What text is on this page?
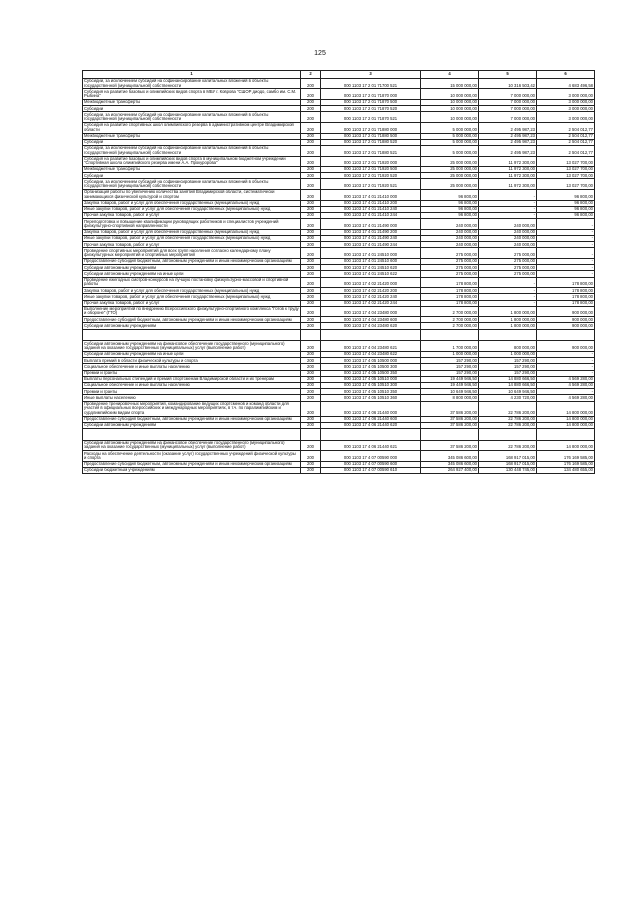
125
1	2	3	4	5	6
Субсидии, за исключением субсидий на софинансирование капитальных вложений в объекты государственной (муниципальной) собственности	200	000 1103 17 2 01 71700 521	15 000 000,00	10 316 503,42	4 683 496,58
Субсидия на развитие базовых и олимпийских видов спорта в МБУ г. Коврова "СШОР диодо, самбо им. С.М. Рыбина"	200	000 1103 17 2 01 71870 000	10 000 000,00	7 000 000,00	3 000 000,00
Межбюджетные трансферты	200	000 1103 17 2 01 71870 500	10 000 000,00	7 000 000,00	3 000 000,00
Субсидии	200	000 1103 17 2 01 71870 520	10 000 000,00	7 000 000,00	3 000 000,00
Субсидии, за исключением субсидий на софинансирование капитальных вложений в объекты государственной (муниципальной) собственности	200	000 1103 17 2 01 71870 521	10 000 000,00	7 000 000,00	3 000 000,00
Субсидия на развитие спортивных школ олимпийского резерва в административном центре Владимирской области	200	000 1103 17 2 01 71880 000	5 000 000,00	2 495 987,23	2 504 012,77
Межбюджетные трансферты	200	000 1103 17 2 01 71880 500	5 000 000,00	2 495 987,23	2 504 012,77
Субсидии	200	000 1103 17 2 01 71880 520	5 000 000,00	2 495 987,23	2 504 012,77
Субсидии, за исключением субсидий на софинансирование капитальных вложений в объекты государственной (муниципальной) собственности	200	000 1103 17 2 01 71880 521	5 000 000,00	2 495 987,23	2 504 012,77
Субсидия на развитие базовых и олимпийских видов спорта в муниципальном бюджетном учреждении "Спортивная школа олимпийского резерва имени А.А. Прокуророва"	200	000 1103 17 2 01 71920 000	25 000 000,00	11 972 300,00	13 027 700,00
Межбюджетные трансферты	200	000 1103 17 2 01 71920 500	25 000 000,00	11 972 300,00	13 027 700,00
Субсидии	200	000 1103 17 2 01 71920 520	25 000 000,00	11 972 300,00	13 027 700,00
Субсидии, за исключением субсидий на софинансирование капитальных вложений в объекты государственной (муниципальной) собственности	200	000 1103 17 2 01 71920 521	25 000 000,00	11 972 300,00	13 027 700,00
Организация работы по увеличению количества занятий Владимирской области, систематически занимающихся физической культурой и спортом	200	000 1103 17 4 01 21410 000	96 800,00	-	96 800,00
Закупка товаров, работ и услуг для обеспечения государственных (муниципальных) нужд	200	000 1103 17 4 01 21410 200	96 800,00	-	96 800,00
Иные закупки товаров, работ и услуг для обеспечения государственных (муниципальных) нужд	200	000 1103 17 4 01 21410 240	96 800,00	-	96 800,00
Прочая закупка товаров, работ и услуг	200	000 1103 17 4 01 21410 244	96 800,00	-	96 800,00
Переподготовка и повышение квалификации руководящих работников и специалистов учреждений физкультурно-спортивной направленности	200	000 1103 17 4 01 21490 000	240 000,00	240 000,00	-
Закупка товаров, работ и услуг для обеспечения государственных (муниципальных) нужд	200	000 1103 17 4 01 21490 200	240 000,00	240 000,00	-
Иные закупки товаров, работ и услуг для обеспечения государственных (муниципальных) нужд	200	000 1103 17 4 01 21490 240	240 000,00	240 000,00	-
Прочая закупка товаров, работ и услуг	200	000 1103 17 4 01 21490 244	240 000,00	240 000,00	-
Проведение спортивных мероприятий для всех групп населения согласно календарному плану физкультурных мероприятий и спортивных мероприятий	200	000 1103 17 4 01 24510 000	275 000,00	275 000,00	-
Предоставление субсидий бюджетным, автономным учреждениям и иным некоммерческим организациям	200	000 1103 17 4 01 24510 600	275 000,00	275 000,00	-
Субсидии автономным учреждениям	200	000 1103 17 4 01 24510 620	275 000,00	275 000,00	-
Субсидии автономным учреждениям на иные цели	200	000 1103 17 4 01 24510 622	275 000,00	275 000,00	-
Проведение ежегодных смотров-конкурсов на лучшую постановку физкультурно-массовой и спортивной работы	200	000 1103 17 4 02 21420 000	178 800,00	-	178 800,00
Закупка товаров, работ и услуг для обеспечения государственных (муниципальных) нужд	200	000 1103 17 4 02 21420 200	178 800,00	-	178 800,00
Иные закупки товаров, работ и услуг для обеспечения государственных (муниципальных) нужд	200	000 1103 17 4 02 21420 240	178 800,00	-	178 800,00
Прочая закупка товаров, работ и услуг	200	000 1103 17 4 02 21420 244	178 800,00	-	178 800,00
Выполнение мероприятий по внедрению Всероссийского физкультурно-спортивного комплекса "Готов к труду и обороне" (ГТО)	200	000 1103 17 4 04 23480 000	2 700 000,00	1 800 000,00	900 000,00
Предоставление субсидий бюджетным, автономным учреждениям и иным некоммерческим организациям	200	000 1103 17 4 04 23480 600	2 700 000,00	1 800 000,00	900 000,00
Субсидии автономным учреждениям	200	000 1103 17 4 04 23480 620	2 700 000,00	1 800 000,00	900 000,00

Субсидии автономным учреждениям на финансовое обеспечение государственного (муниципального) задания на оказание государственных (муниципальных) услуг (выполнение работ)	200	000 1103 17 4 04 23480 621	1 700 000,00	800 000,00	900 000,00
Субсидии автономным учреждениям на иные цели	200	000 1103 17 4 04 23480 622	1 000 000,00	1 000 000,00	-
Выплата премий в области физической культуры и спорта	200	000 1103 17 4 05 10500 000	157 290,00	157 290,00	-
Социальное обеспечение и иные выплаты населению	200	000 1103 17 4 05 10500 300	157 290,00	157 290,00	-
Премии и гранты	200	000 1103 17 4 05 10500 350	157 290,00	157 290,00	-
Выплаты персональных стипендий и премий спортсменам Владимирской области и их тренерам	200	000 1103 17 4 05 10510 000	19 449 946,50	14 880 666,50	4 569 280,00
Социальное обеспечение и иные выплаты населению	200	000 1103 17 4 05 10510 300	19 449 946,50	14 880 666,50	4 569 280,00
Премии и гранты	200	000 1103 17 4 05 10510 350	10 649 946,50	10 649 946,50	-
Иные выплаты населению	200	000 1103 17 4 05 10510 360	8 800 000,00	4 230 720,00	4 569 280,00
Проведение тренировочных мероприятий, командирование ведущих спортсменов и команд области для участия в официальных всероссийских и международных мероприятиях, в т.ч. по паралимпийским и сурдлимпийским видам спорта	200	000 1103 17 4 06 21440 000	37 586 200,00	22 786 200,00	14 800 000,00
Предоставление субсидий бюджетным, автономным учреждениям и иным некоммерческим организациям	200	000 1103 17 4 06 21440 600	37 586 200,00	22 786 200,00	14 800 000,00
Субсидии автономным учреждениям	200	000 1103 17 4 06 21440 620	37 586 200,00	22 786 200,00	14 800 000,00

Субсидии автономным учреждениям на финансовое обеспечение государственного (муниципального) задания на оказание государственных (муниципальных) услуг (выполнение работ)	200	000 1103 17 4 06 21440 621	37 586 200,00	22 786 200,00	14 800 000,00
Расходы на обеспечение деятельности (оказание услуг) государственных учреждений физической культуры и спорта	200	000 1103 17 4 07 00590 000	345 086 600,00	168 917 015,00	176 169 585,00
Предоставление субсидий бюджетным, автономным учреждениям и иным некоммерческим организациям	200	000 1103 17 4 07 00590 600	345 086 600,00	168 917 015,00	176 169 585,00
Субсидии бюджетным учреждениям	200	000 1103 17 4 07 00590 610	264 927 400,00	130 448 745,00	134 480 655,00
